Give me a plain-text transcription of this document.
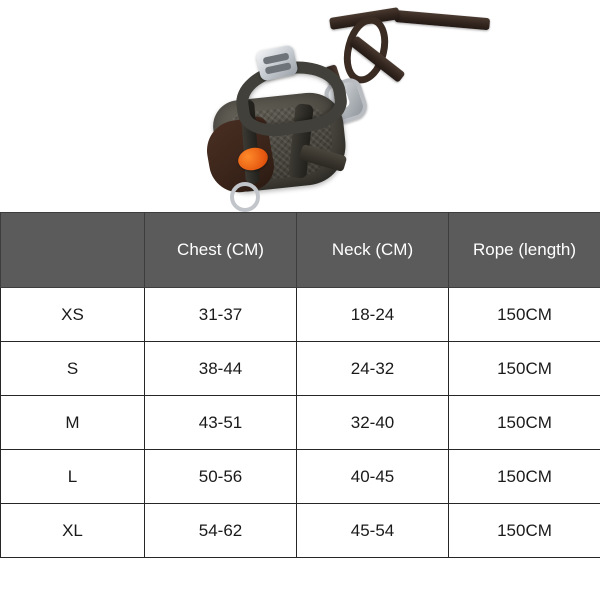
	Chest (CM)	Neck (CM)	Rope (length)
XS	31-37	18-24	150CM
S	38-44	24-32	150CM
M	43-51	32-40	150CM
L	50-56	40-45	150CM
XL	54-62	45-54	150CM
